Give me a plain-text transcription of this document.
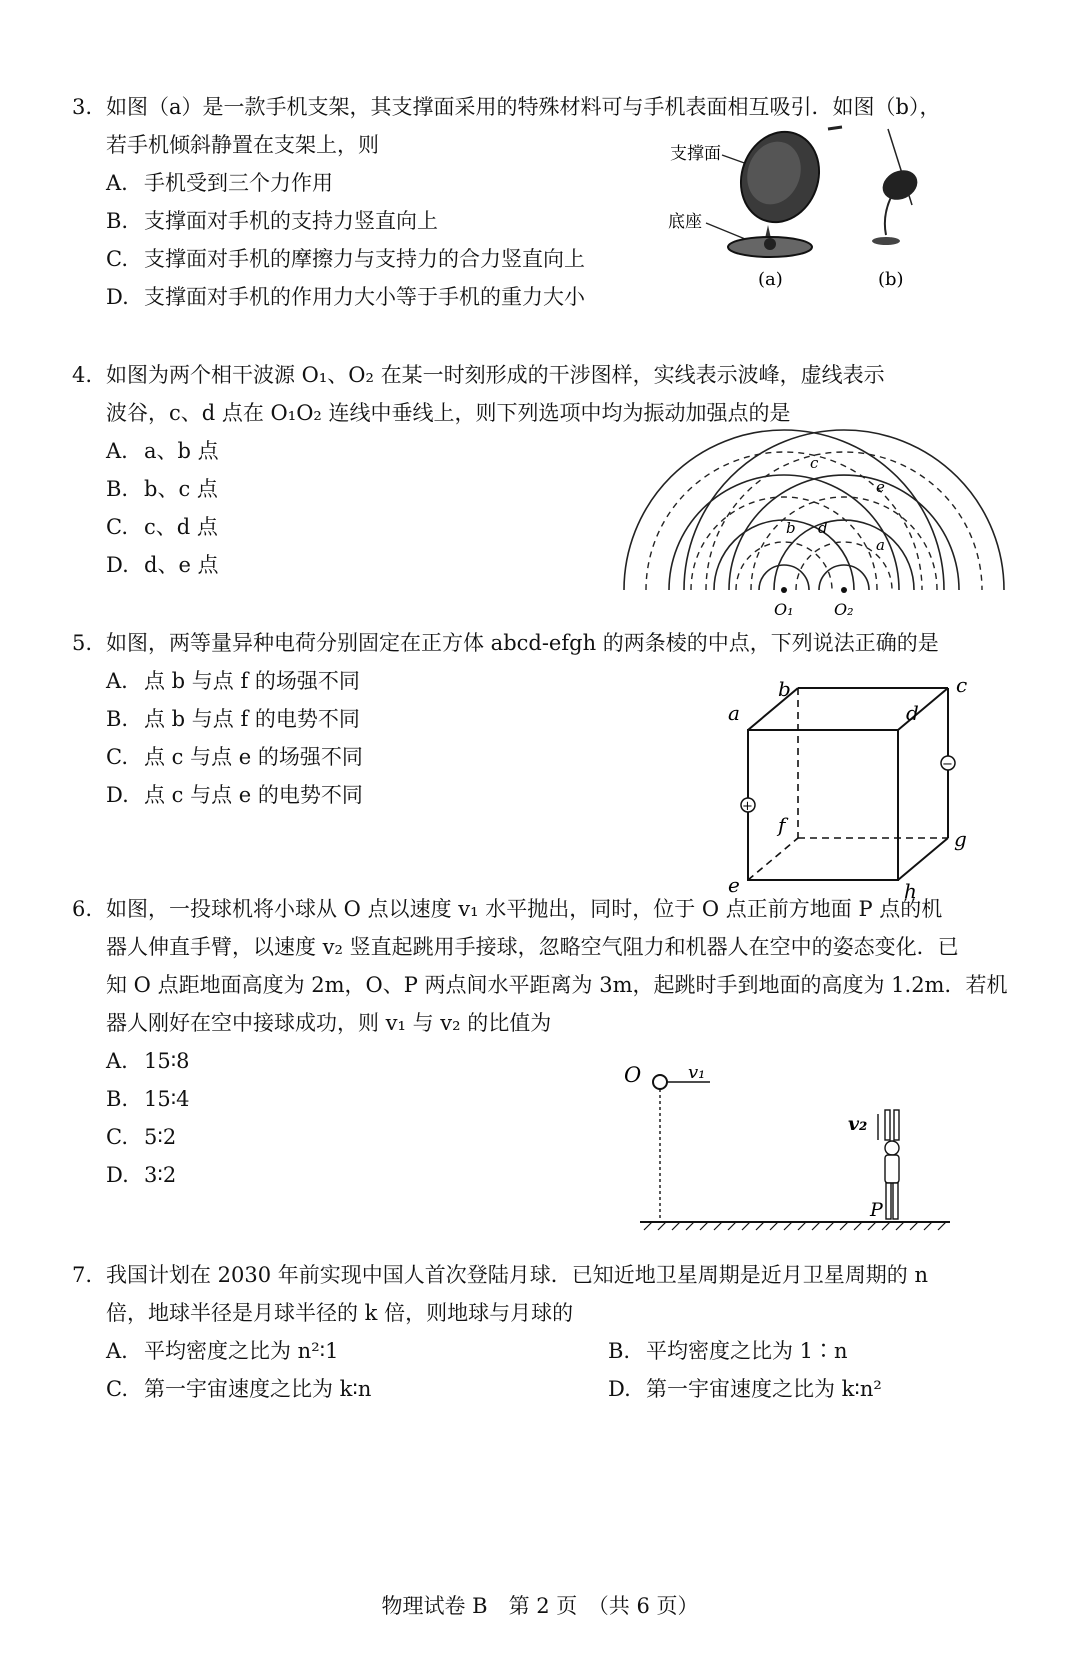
3. 如图（a）是一款手机支架，其支撑面采用的特殊材料可与手机表面相互吸引．如图（b），
若手机倾斜静置在支架上，则
A. 手机受到三个力作用
B. 支撑面对手机的支持力竖直向上
C. 支撑面对手机的摩擦力与支持力的合力竖直向上
D. 支撑面对手机的作用力大小等于手机的重力大小
支撑面
底座
(a)	(b)
4. 如图为两个相干波源 O₁、O₂ 在某一时刻形成的干涉图样，实线表示波峰，虚线表示
波谷，c、d 点在 O₁O₂ 连线中垂线上，则下列选项中均为振动加强点的是
A. a、b 点
B. b、c 点
C. c、d 点
D. d、e 点
c
e
b d
a
O₁	O₂
5. 如图，两等量异种电荷分别固定在正方体 abcd-efgh 的两条棱的中点，下列说法正确的是
A. 点 b 与点 f 的场强不同
B. 点 b 与点 f 的电势不同
C. 点 c 与点 e 的场强不同
D. 点 c 与点 e 的电势不同	+
−
a
b	c
d
e
f
g
h
6. 如图，一投球机将小球从 O 点以速度 v₁ 水平抛出，同时，位于 O 点正前方地面 P 点的机
器人伸直手臂，以速度 v₂ 竖直起跳用手接球，忽略空气阻力和机器人在空中的姿态变化．已
知 O 点距地面高度为 2m，O、P 两点间水平距离为 3m，起跳时手到地面的高度为 1.2m．若机
器人刚好在空中接球成功，则 v₁ 与 v₂ 的比值为
A. 15∶8
B. 15∶4
C. 5∶2
D. 3∶2
O	v₁
v₂
P
7. 我国计划在 2030 年前实现中国人首次登陆月球．已知近地卫星周期是近月卫星周期的 n
倍，地球半径是月球半径的 k 倍，则地球与月球的
A. 平均密度之比为 n²∶1	B. 平均密度之比为 1∶n
C. 第一宇宙速度之比为 k∶n	D. 第一宇宙速度之比为 k∶n²
物理试卷 B　第 2 页　（共 6 页）
